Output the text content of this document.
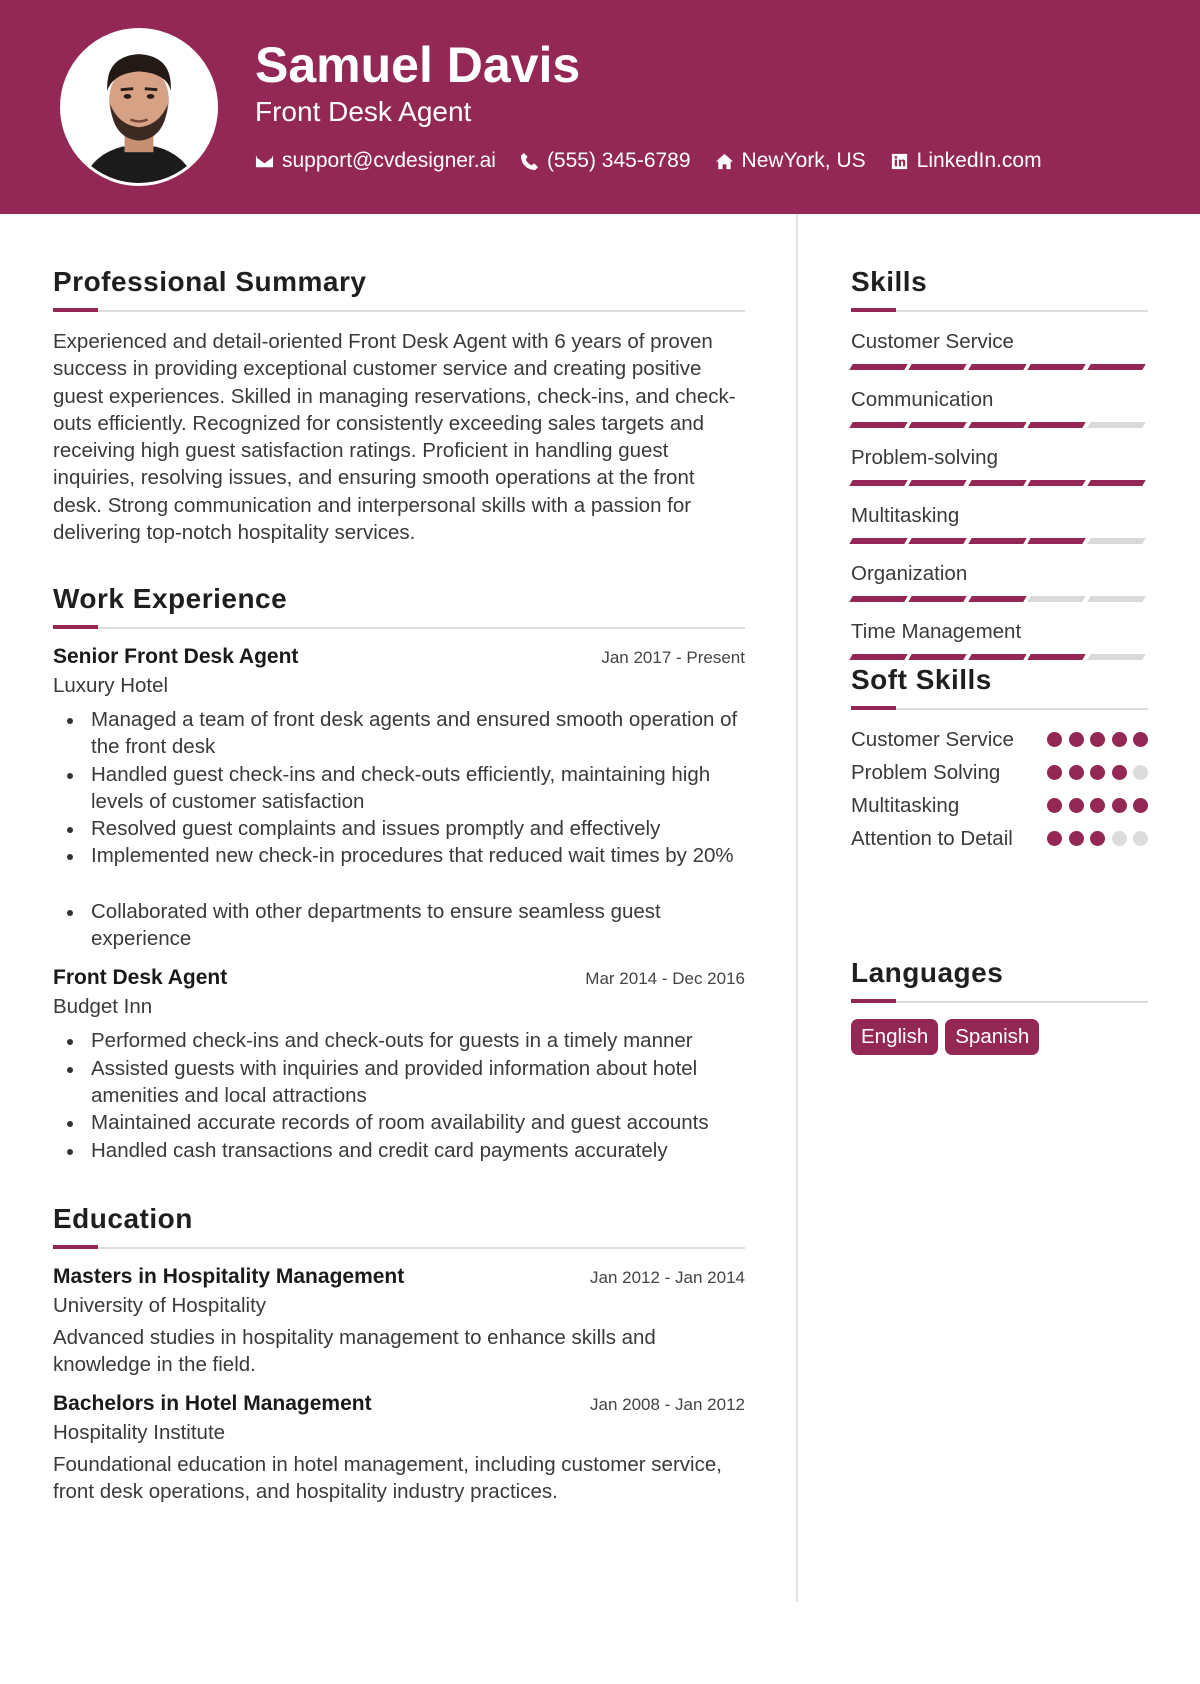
Samuel Davis
Front Desk Agent
support@cvdesigner.ai (555) 345-6789 NewYork, US LinkedIn.com
Professional Summary
Experienced and detail-oriented Front Desk Agent with 6 years of proven success in providing exceptional customer service and creating positive guest experiences. Skilled in managing reservations, check-ins, and check-outs efficiently. Recognized for consistently exceeding sales targets and receiving high guest satisfaction ratings. Proficient in handling guest inquiries, resolving issues, and ensuring smooth operations at the front desk. Strong communication and interpersonal skills with a passion for delivering top-notch hospitality services.
Work Experience
Senior Front Desk Agent	Jan 2017 - Present
Luxury Hotel
Managed a team of front desk agents and ensured smooth operation of the front desk
Handled guest check-ins and check-outs efficiently, maintaining high levels of customer satisfaction
Resolved guest complaints and issues promptly and effectively
Implemented new check-in procedures that reduced wait times by 20%
Collaborated with other departments to ensure seamless guest experience
Front Desk Agent	Mar 2014 - Dec 2016
Budget Inn
Performed check-ins and check-outs for guests in a timely manner
Assisted guests with inquiries and provided information about hotel amenities and local attractions
Maintained accurate records of room availability and guest accounts
Handled cash transactions and credit card payments accurately
Education
Masters in Hospitality Management	Jan 2012 - Jan 2014
University of Hospitality
Advanced studies in hospitality management to enhance skills and knowledge in the field.
Bachelors in Hotel Management	Jan 2008 - Jan 2012
Hospitality Institute
Foundational education in hotel management, including customer service, front desk operations, and hospitality industry practices.
Skills
Customer Service
Communication
Problem-solving
Multitasking
Organization
Time Management
Soft Skills
Customer Service
Problem Solving
Multitasking
Attention to Detail
Languages
English	Spanish
